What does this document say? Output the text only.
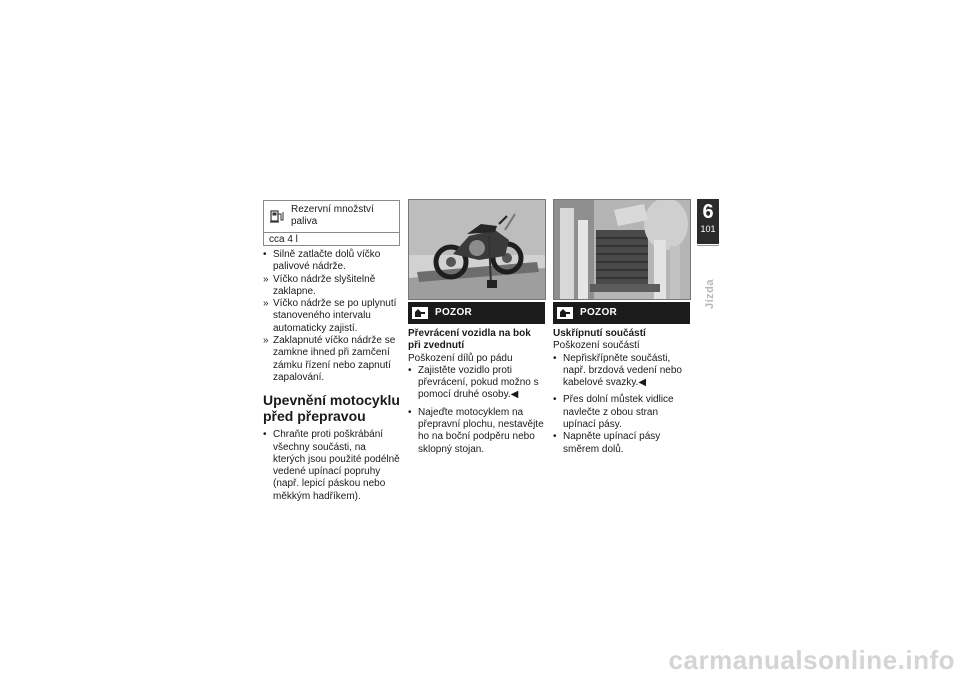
Rezervní množství paliva
cca 4 l
• Silně zatlačte dolů víčko palivové nádrže.
» Víčko nádrže slyšitelně zaklapne.
» Víčko nádrže se po uplynutí stanoveného intervalu automaticky zajistí.
» Zaklapnuté víčko nádrže se zamkne ihned při zamčení zámku řízení nebo zapnutí zapalování.
Upevnění motocyklu před přepravou
• Chraňte proti poškrábání všechny součásti, na kterých jsou použité podélně vedené upínací popruhy (např. lepicí páskou nebo měkkým hadříkem).
POZOR	POZOR
Převrácení vozidla na bok při zvednutí
Poškození dílů po pádu
• Zajistěte vozidlo proti převrácení, pokud možno s pomocí druhé osoby.◀
• Najeďte motocyklem na přepravní plochu, nestavějte ho na boční podpěru nebo sklopný stojan.
Uskřípnutí součástí
Poškození součástí
• Nepřiskřípněte součásti, např. brzdová vedení nebo kabelové svazky.◀
• Přes dolní můstek vidlice navlečte z obou stran upínací pásy.
• Napněte upínací pásy směrem dolů.
6
101
Jízda
carmanualsonline.info
